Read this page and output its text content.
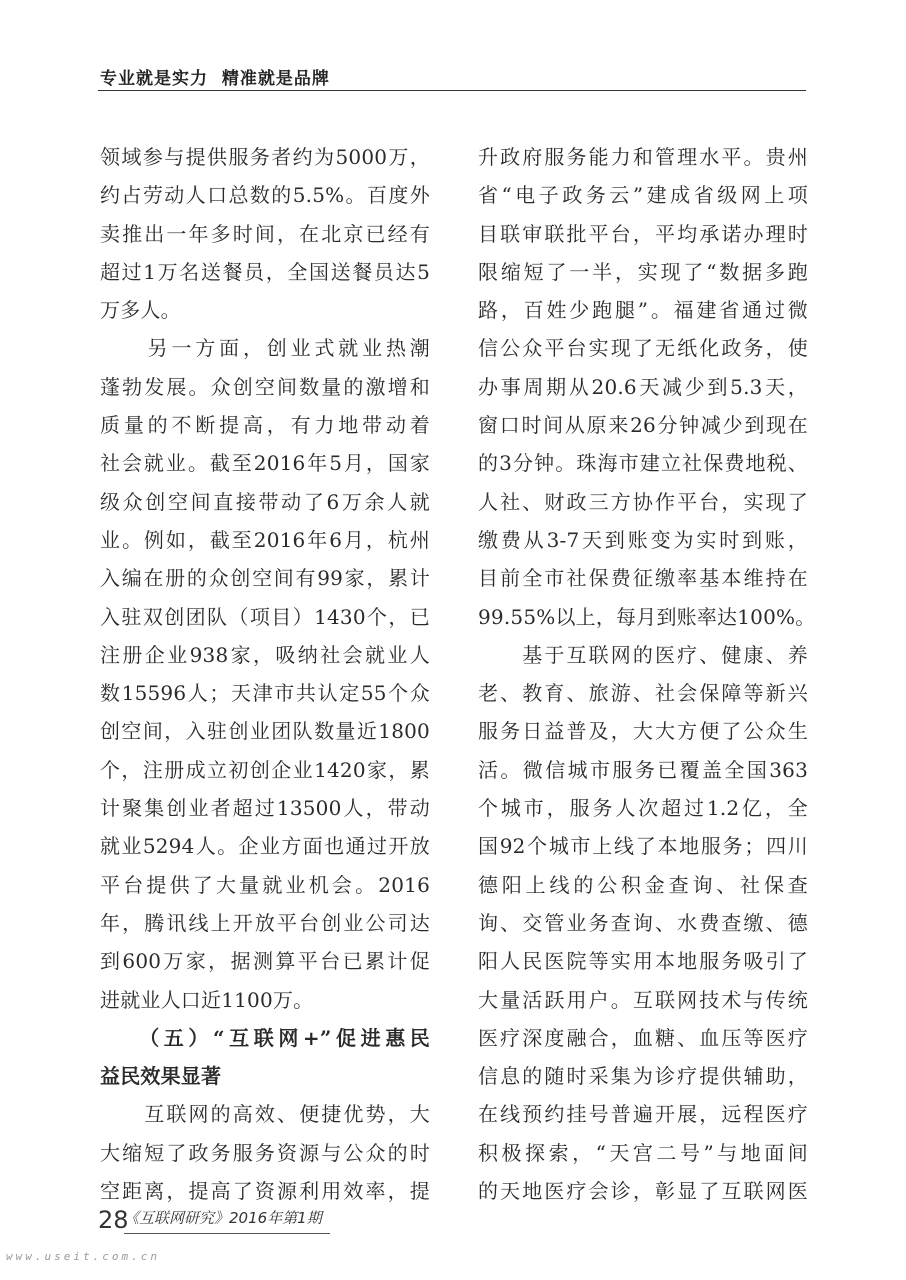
专业就是实力  精准就是品牌
领域参与提供服务者约为5000万，
约占劳动人口总数的5.5%。百度外
卖推出一年多时间，在北京已经有
超过1万名送餐员，全国送餐员达5
万多人。
　　另一方面，创业式就业热潮
蓬勃发展。众创空间数量的激增和
质量的不断提高，有力地带动着
社会就业。截至2016年5月，国家
级众创空间直接带动了6万余人就
业。例如，截至2016年6月，杭州
入编在册的众创空间有99家，累计
入驻双创团队（项目）1430个，已
注册企业938家，吸纳社会就业人
数15596人；天津市共认定55个众
创空间，入驻创业团队数量近1800
个，注册成立初创企业1420家，累
计聚集创业者超过13500人，带动
就业5294人。企业方面也通过开放
平台提供了大量就业机会。2016
年，腾讯线上开放平台创业公司达
到600万家，据测算平台已累计促
进就业人口近1100万。
　　（五）“互联网+”促进惠民
益民效果显著
　　互联网的高效、便捷优势，大
大缩短了政务服务资源与公众的时
空距离，提高了资源利用效率，提
升政府服务能力和管理水平。贵州
省“电子政务云”建成省级网上项
目联审联批平台，平均承诺办理时
限缩短了一半，实现了“数据多跑
路，百姓少跑腿”。福建省通过微
信公众平台实现了无纸化政务，使
办事周期从20.6天减少到5.3天，
窗口时间从原来26分钟减少到现在
的3分钟。珠海市建立社保费地税、
人社、财政三方协作平台，实现了
缴费从3-7天到账变为实时到账，
目前全市社保费征缴率基本维持在
99.55%以上，每月到账率达100%。
　　基于互联网的医疗、健康、养
老、教育、旅游、社会保障等新兴
服务日益普及，大大方便了公众生
活。微信城市服务已覆盖全国363
个城市，服务人次超过1.2亿，全
国92个城市上线了本地服务；四川
德阳上线的公积金查询、社保查
询、交管业务查询、水费查缴、德
阳人民医院等实用本地服务吸引了
大量活跃用户。互联网技术与传统
医疗深度融合，血糖、血压等医疗
信息的随时采集为诊疗提供辅助，
在线预约挂号普遍开展，远程医疗
积极探索，“天宫二号”与地面间
的天地医疗会诊，彰显了互联网医
28
《互联网研究》2016年第1期
www.useit.com.cn
